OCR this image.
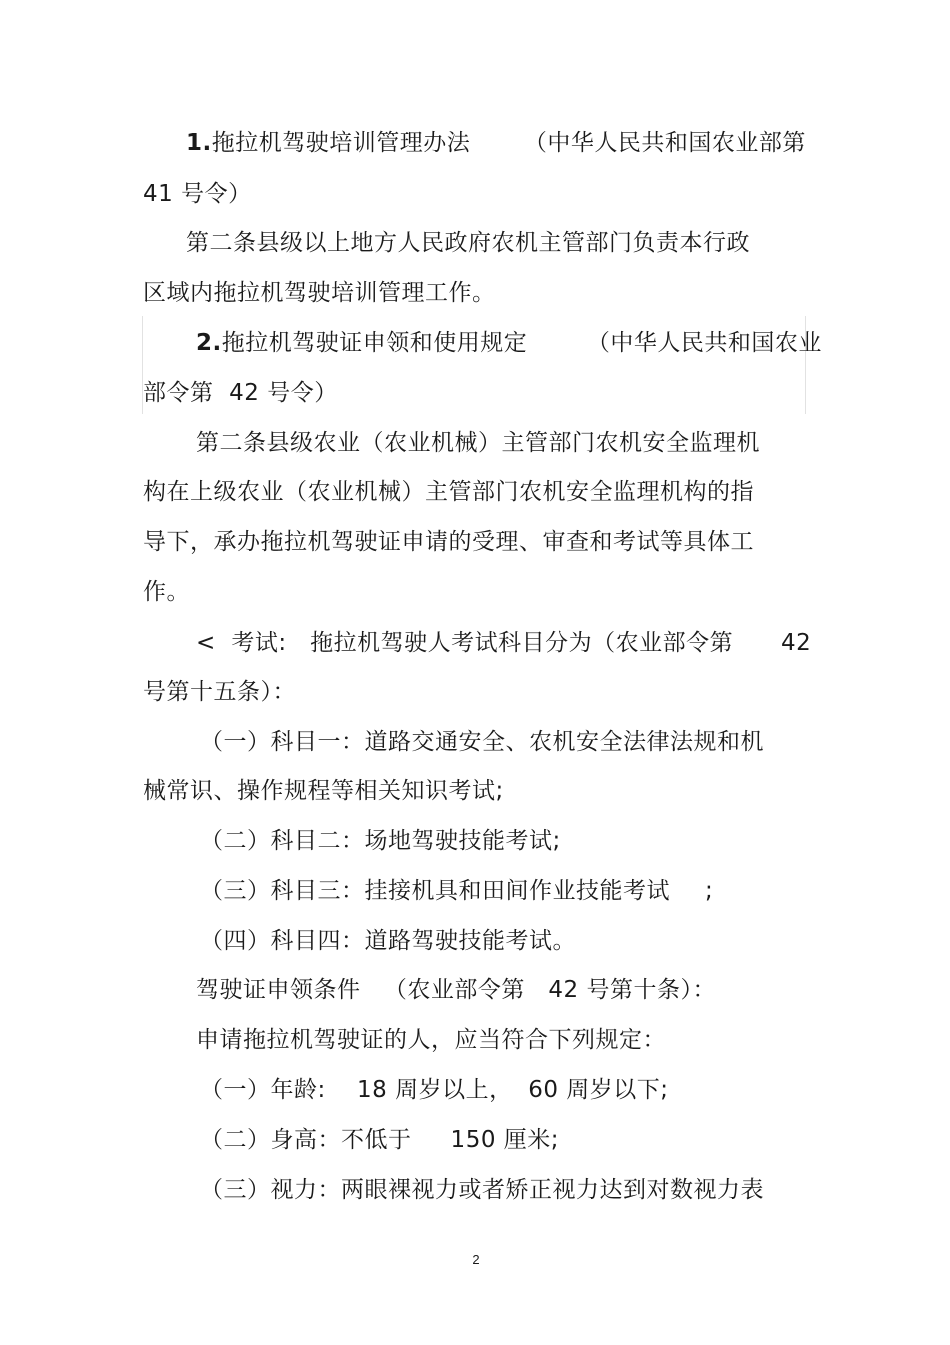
1.拖拉机驾驶培训管理办法 （中华人民共和国农业部第
41 号令）
第二条县级以上地方人民政府农机主管部门负责本行政
区域内拖拉机驾驶培训管理工作。
2.拖拉机驾驶证申领和使用规定	（中华人民共和国农业
部令第  42 号令）
第二条县级农业（农业机械）主管部门农机安全监理机
构在上级农业（农业机械）主管部门农机安全监理机构的指
导下，承办拖拉机驾驶证申请的受理、审查和考试等具体工
作。
<  考试:   拖拉机驾驶人考试科目分为（农业部令第 42
号第十五条）：
（一）科目一：道路交通安全、农机安全法律法规和机
械常识、操作规程等相关知识考试;
（二）科目二：场地驾驶技能考试;
（三）科目三：挂接机具和田间作业技能考试 ;
（四）科目四：道路驾驶技能考试。
驾驶证申领条件   （农业部令第   42 号第十条）：
申请拖拉机驾驶证的人，应当符合下列规定：
（一）年龄:    18 周岁以上，  60 周岁以下;
（二）身高：不低于     150 厘米;
（三）视力：两眼裸视力或者矫正视力达到对数视力表
2
